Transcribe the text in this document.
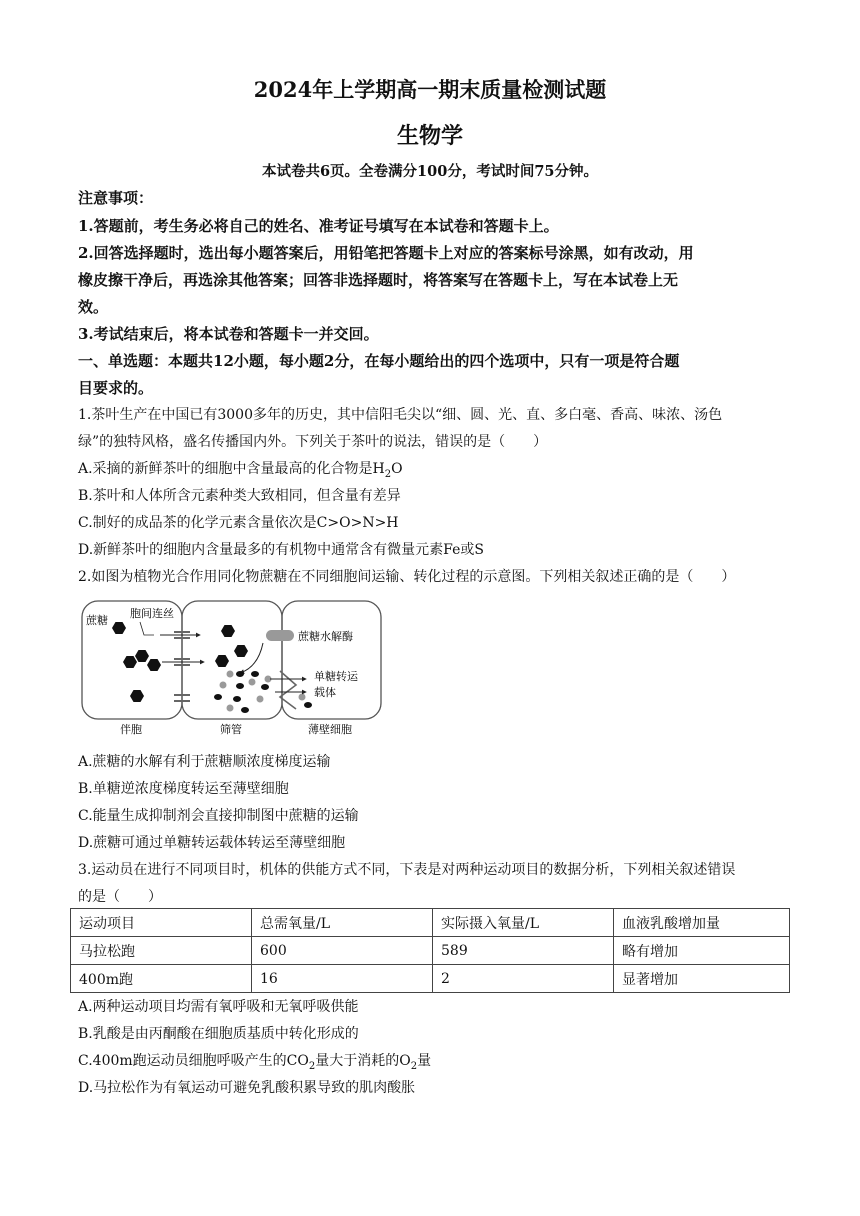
2024年上学期高一期末质量检测试题
生物学
本试卷共6页。全卷满分100分，考试时间75分钟。
注意事项：
1.答题前，考生务必将自己的姓名、准考证号填写在本试卷和答题卡上。
2.回答选择题时，选出每小题答案后，用铅笔把答题卡上对应的答案标号涂黑，如有改动，用
橡皮擦干净后，再选涂其他答案；回答非选择题时，将答案写在答题卡上，写在本试卷上无
效。
3.考试结束后，将本试卷和答题卡一并交回。
一、单选题：本题共12小题，每小题2分，在每小题给出的四个选项中，只有一项是符合题
目要求的。
1.茶叶生产在中国已有3000多年的历史，其中信阳毛尖以“细、圆、光、直、多白毫、香高、味浓、汤色
绿”的独特风格，盛名传播国内外。下列关于茶叶的说法，错误的是（　　）
A.采摘的新鲜茶叶的细胞中含量最高的化合物是$H_2O$
B.茶叶和人体所含元素种类大致相同，但含量有差异
C.制好的成品茶的化学元素含量依次是C>O>N>H
D.新鲜茶叶的细胞内含量最多的有机物中通常含有微量元素Fe或S
2.如图为植物光合作用同化物蔗糖在不同细胞间运输、转化过程的示意图。下列相关叙述正确的是（　　）
蔗糖
胞间连丝
蔗糖水解酶
单糖转运
载体
伴胞	筛管	薄壁细胞
A.蔗糖的水解有利于蔗糖顺浓度梯度运输
B.单糖逆浓度梯度转运至薄壁细胞
C.能量生成抑制剂会直接抑制图中蔗糖的运输
D.蔗糖可通过单糖转运载体转运至薄壁细胞
3.运动员在进行不同项目时，机体的供能方式不同，下表是对两种运动项目的数据分析，下列相关叙述错误
的是（　　）
运动项目	总需氧量/L	实际摄入氧量/L	血液乳酸增加量
马拉松跑	600	589	略有增加
400m跑	16	2	显著增加
A.两种运动项目均需有氧呼吸和无氧呼吸供能
B.乳酸是由丙酮酸在细胞质基质中转化形成的
C.400m跑运动员细胞呼吸产生的$CO_2$量大于消耗的$O_2$量
D.马拉松作为有氧运动可避免乳酸积累导致的肌肉酸胀
